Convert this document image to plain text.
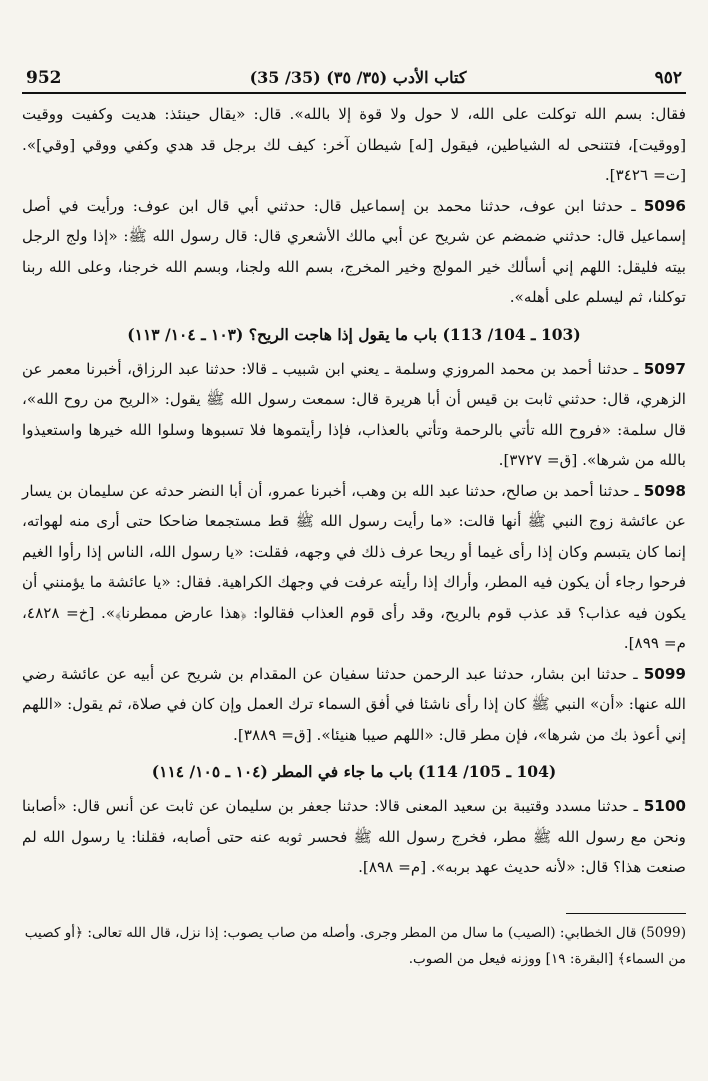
952	كتاب الأدب (٣٥/ ٣٥) (35/ 35)	٩٥٢

فقال: بسم الله توكلت على الله، لا حول ولا قوة إلا بالله». قال: «يقال حينئذ: هديت وكفيت ووقيت [ووقيت]، فتتنحى له الشياطين، فيقول [له] شيطان آخر: كيف لك برجل قد هدي وكفي ووقي [وقي]». [ت= ٣٤٢٦].

5096 ـ حدثنا ابن عوف، حدثنا محمد بن إسماعيل قال: حدثني أبي قال ابن عوف: ورأيت في أصل إسماعيل قال: حدثني ضمضم عن شريح عن أبي مالك الأشعري قال: قال رسول الله ﷺ: «إذا ولج الرجل بيته فليقل: اللهم إني أسألك خير المولج وخير المخرج، بسم الله ولجنا، وبسم الله خرجنا، وعلى الله ربنا توكلنا، ثم ليسلم على أهله».

(103 ـ 104/ 113) باب ما يقول إذا هاجت الريح؟ (١٠٣ ـ ١٠٤/ ١١٣)

5097 ـ حدثنا أحمد بن محمد المروزي وسلمة ـ يعني ابن شبيب ـ قالا: حدثنا عبد الرزاق، أخبرنا معمر عن الزهري، قال: حدثني ثابت بن قيس أن أبا هريرة قال: سمعت رسول الله ﷺ يقول: «الريح من روح الله»، قال سلمة: «فروح الله تأتي بالرحمة وتأتي بالعذاب، فإذا رأيتموها فلا تسبوها وسلوا الله خيرها واستعيذوا بالله من شرها». [ق= ٣٧٢٧].

5098 ـ حدثنا أحمد بن صالح، حدثنا عبد الله بن وهب، أخبرنا عمرو، أن أبا النضر حدثه عن سليمان بن يسار عن عائشة زوج النبي ﷺ أنها قالت: «ما رأيت رسول الله ﷺ قط مستجمعا ضاحكا حتى أرى منه لهواته، إنما كان يتبسم وكان إذا رأى غيما أو ريحا عرف ذلك في وجهه، فقلت: «يا رسول الله، الناس إذا رأوا الغيم فرحوا رجاء أن يكون فيه المطر، وأراك إذا رأيته عرفت في وجهك الكراهية. فقال: «يا عائشة ما يؤمنني أن يكون فيه عذاب؟ قد عذب قوم بالريح، وقد رأى قوم العذاب فقالوا: ﴿هذا عارض ممطرنا﴾». [خ= ٤٨٢٨، م= ٨٩٩].

5099 ـ حدثنا ابن بشار، حدثنا عبد الرحمن حدثنا سفيان عن المقدام بن شريح عن أبيه عن عائشة رضي الله عنها: «أن» النبي ﷺ كان إذا رأى ناشئا في أفق السماء ترك العمل وإن كان في صلاة، ثم يقول: «اللهم إني أعوذ بك من شرها»، فإن مطر قال: «اللهم صيبا هنيئا». [ق= ٣٨٨٩].

(104 ـ 105/ 114) باب ما جاء في المطر (١٠٤ ـ ١٠٥/ ١١٤)

5100 ـ حدثنا مسدد وقتيبة بن سعيد المعنى قالا: حدثنا جعفر بن سليمان عن ثابت عن أنس قال: «أصابنا ونحن مع رسول الله ﷺ مطر، فخرج رسول الله ﷺ فحسر ثوبه عنه حتى أصابه، فقلنا: يا رسول الله لم صنعت هذا؟ قال: «لأنه حديث عهد بربه». [م= ٨٩٨].

(5099) قال الخطابي: (الصيب) ما سال من المطر وجرى. وأصله من صاب يصوب: إذا نزل، قال الله تعالى: ﴿أو كصيب من السماء﴾ [البقرة: ١٩] ووزنه فيعل من الصوب.
